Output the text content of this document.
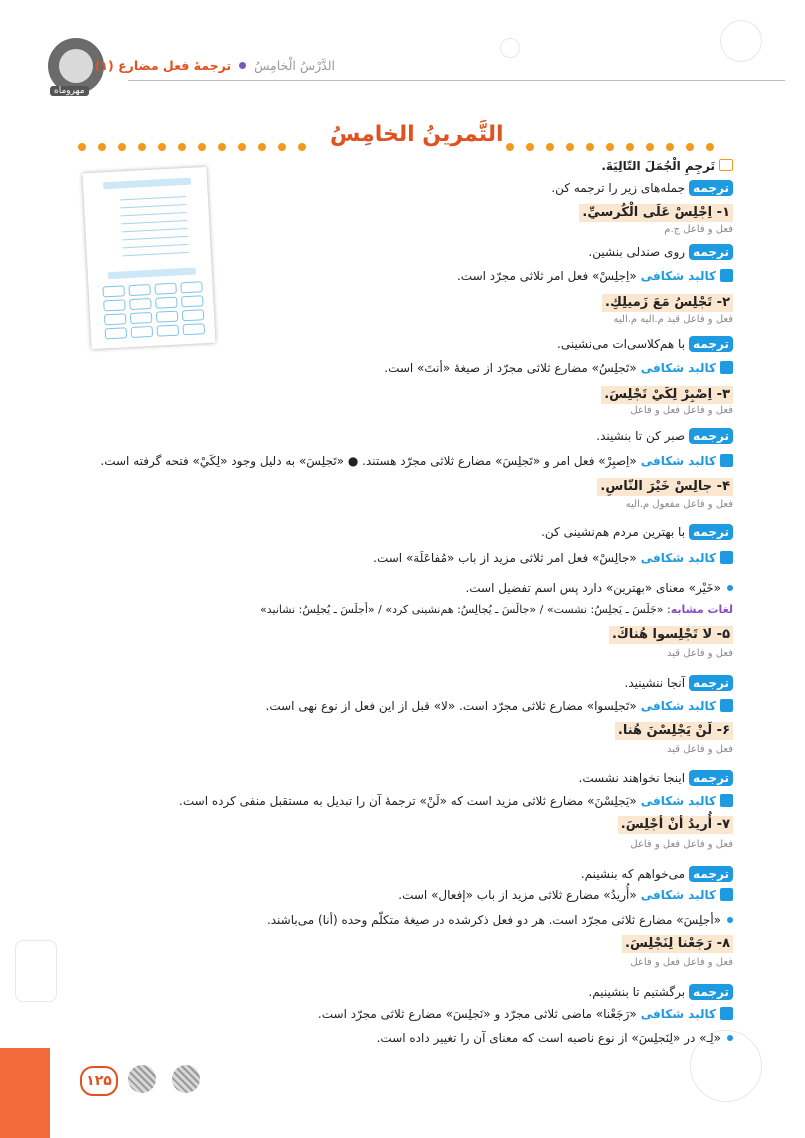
مهروماه
الدَّرْسُ الْخامِسُ  ترجمهٔ فعل مضارع (۱)
التَّمرينُ الخامِسُ
تَرجِمِ الْجُمَلَ التّالِيَةَ.
ترجمهجمله‌های زیر را ترجمه کن.
۱- اِجْلِسْ عَلَى الْكُرسيِّ.
فعل و فاعل ج.م
ترجمهروی صندلی بنشین.
کالبد شکافی«اِجلِسْ» فعل امر ثلاثی مجرّد است.
۲- تَجْلِسُ مَعَ زَميلِكِ.
فعل و فاعل قید م.الیه م.الیه
ترجمهبا هم‌کلاسی‌ات می‌نشینی.
کالبد شکافی«تَجلِسُ» مضارع ثلاثی مجرّد از صیغهٔ «أنتَ» است.
۳- اِصْبِرْ لِكَيْ تَجْلِسَ.
فعل و فاعل فعل و فاعل
ترجمهصبر کن تا بنشیند.
کالبد شکافی«اِصبِرْ» فعل امر و «تَجلِسَ» مضارع ثلاثی مجرّد هستند. ● «تَجلِسَ» به دلیل وجود «لِکَيْ» فتحه گرفته است.
۴- جالِسْ خَيْرَ النّاسِ.
فعل و فاعل مفعول م.الیه
ترجمهبا بهترین مردم هم‌نشینی کن.
کالبد شکافی«جالِسْ» فعل امر ثلاثی مزید از باب «مُفاعَلَة» است.
«خَيْر» معنای «بهترین» دارد پس اسم تفضیل است.
لغات مشابه: «جَلَسَ ـ يَجلِسُ: نشست» / «جالَسَ ـ يُجالِسُ: هم‌نشینی کرد» / «أجلَسَ ـ يُجلِسُ: نشانید»
۵- لا تَجْلِسوا هُناكَ.
فعل و فاعل قید
ترجمهآنجا ننشینید.
کالبد شکافی«تَجلِسوا» مضارع ثلاثی مجرّد است. «لا» قبل از این فعل از نوع نهی است.
۶- لَنْ يَجْلِسْنَ هُنا.
فعل و فاعل قید
ترجمهاینجا نخواهند نشست.
کالبد شکافی«يَجلِسْنَ» مضارع ثلاثی مزید است که «لَنْ» ترجمهٔ آن را تبدیل به مستقبل منفی کرده است.
۷- أُريدُ أنْ أجْلِسَ.
فعل و فاعل فعل و فاعل
ترجمهمی‌خواهم که بنشینم.
کالبد شکافی«أُريدُ» مضارع ثلاثی مزید از باب «إفعال» است.
«أجلِسَ» مضارع ثلاثی مجرّد است. هر دو فعل ذکرشده در صیغهٔ متکلّم وحده (أنا) می‌باشند.
۸- رَجَعْنا لِنَجْلِسَ.
فعل و فاعل فعل و فاعل
ترجمهبرگشتیم تا بنشینیم.
کالبد شکافی«رَجَعْنا» ماضی ثلاثی مجرّد و «نَجلِسَ» مضارع ثلاثی مجرّد است.
«لِـ» در «لِنَجلِسَ» از نوع ناصبه است که معنای آن را تغییر داده است.
۱۲۵
